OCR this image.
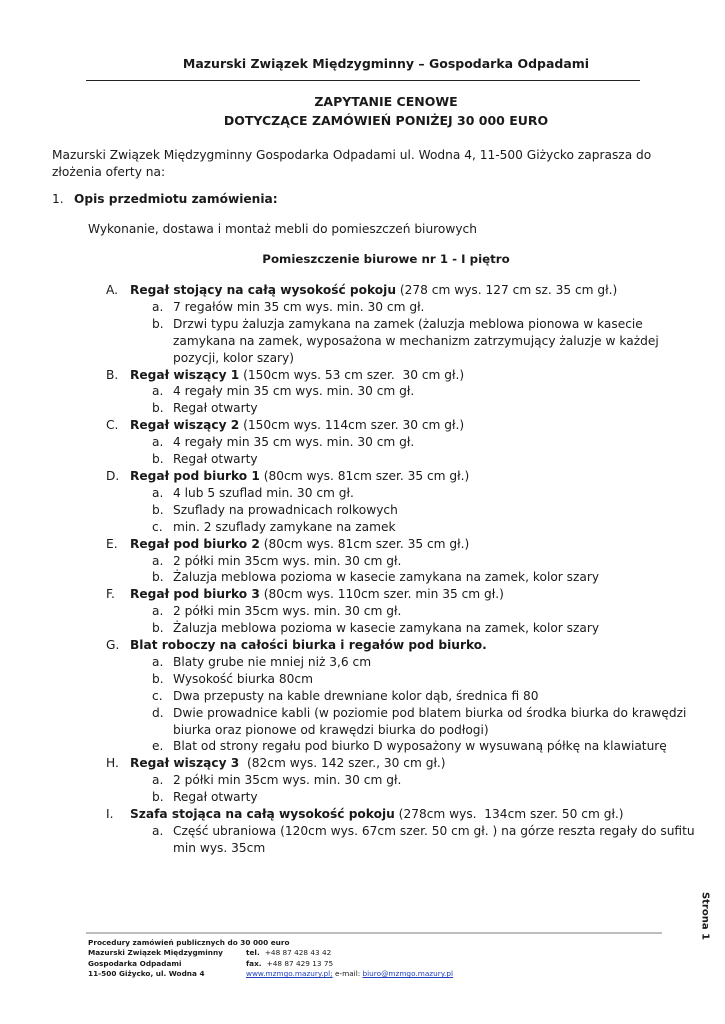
Mazurski Związek Międzygminny – Gospodarka Odpadami
ZAPYTANIE CENOWE
DOTYCZĄCE ZAMÓWIEŃ PONIŻEJ 30 000 EURO
Mazurski Związek Międzygminny Gospodarka Odpadami ul. Wodna 4, 11-500 Giżycko zaprasza do złożenia oferty na:
1. Opis przedmiotu zamówienia:
Wykonanie, dostawa i montaż mebli do pomieszczeń biurowych
Pomieszczenie biurowe nr 1 - I piętro
A. Regał stojący na całą wysokość pokoju (278 cm wys. 127 cm sz. 35 cm gł.)
a. 7 regałów min 35 cm wys. min. 30 cm gł.
b. Drzwi typu żaluzja zamykana na zamek (żaluzja meblowa pionowa w kasecie zamykana na zamek, wyposażona w mechanizm zatrzymujący żaluzje w każdej pozycji, kolor szary)
B. Regał wiszący 1 (150cm wys. 53 cm szer.  30 cm gł.)
a. 4 regały min 35 cm wys. min. 30 cm gł.
b. Regał otwarty
C. Regał wiszący 2 (150cm wys. 114cm szer. 30 cm gł.)
a. 4 regały min 35 cm wys. min. 30 cm gł.
b. Regał otwarty
D. Regał pod biurko 1 (80cm wys. 81cm szer. 35 cm gł.)
a. 4 lub 5 szuflad min. 30 cm gł.
b. Szuflady na prowadnicach rolkowych
c. min. 2 szuflady zamykane na zamek
E. Regał pod biurko 2 (80cm wys. 81cm szer. 35 cm gł.)
a. 2 półki min 35cm wys. min. 30 cm gł.
b. Żaluzja meblowa pozioma w kasecie zamykana na zamek, kolor szary
F. Regał pod biurko 3 (80cm wys. 110cm szer. min 35 cm gł.)
a. 2 półki min 35cm wys. min. 30 cm gł.
b. Żaluzja meblowa pozioma w kasecie zamykana na zamek, kolor szary
G. Blat roboczy na całości biurka i regałów pod biurko.
a. Blaty grube nie mniej niż 3,6 cm
b. Wysokość biurka 80cm
c. Dwa przepusty na kable drewniane kolor dąb, średnica fi 80
d. Dwie prowadnice kabli (w poziomie pod blatem biurka od środka biurka do krawędzi biurka oraz pionowe od krawędzi biurka do podłogi)
e. Blat od strony regału pod biurko D wyposażony w wysuwaną półkę na klawiaturę
H. Regał wiszący 3  (82cm wys. 142 szer., 30 cm gł.)
a. 2 półki min 35cm wys. min. 30 cm gł.
b. Regał otwarty
I. Szafa stojąca na całą wysokość pokoju (278cm wys.  134cm szer. 50 cm gł.)
a. Część ubraniowa (120cm wys. 67cm szer. 50 cm gł. ) na górze reszta regały do sufitu min wys. 35cm
Strona 1
Procedury zamówień publicznych do 30 000 euro
Mazurski Związek Międzygminny	tel. +48 87 428 43 42
Gospodarka Odpadami	fax. +48 87 429 13 75
11-500 Giżycko, ul. Wodna 4	www.mzmgo.mazury.pl; e-mail: biuro@mzmgo.mazury.pl
